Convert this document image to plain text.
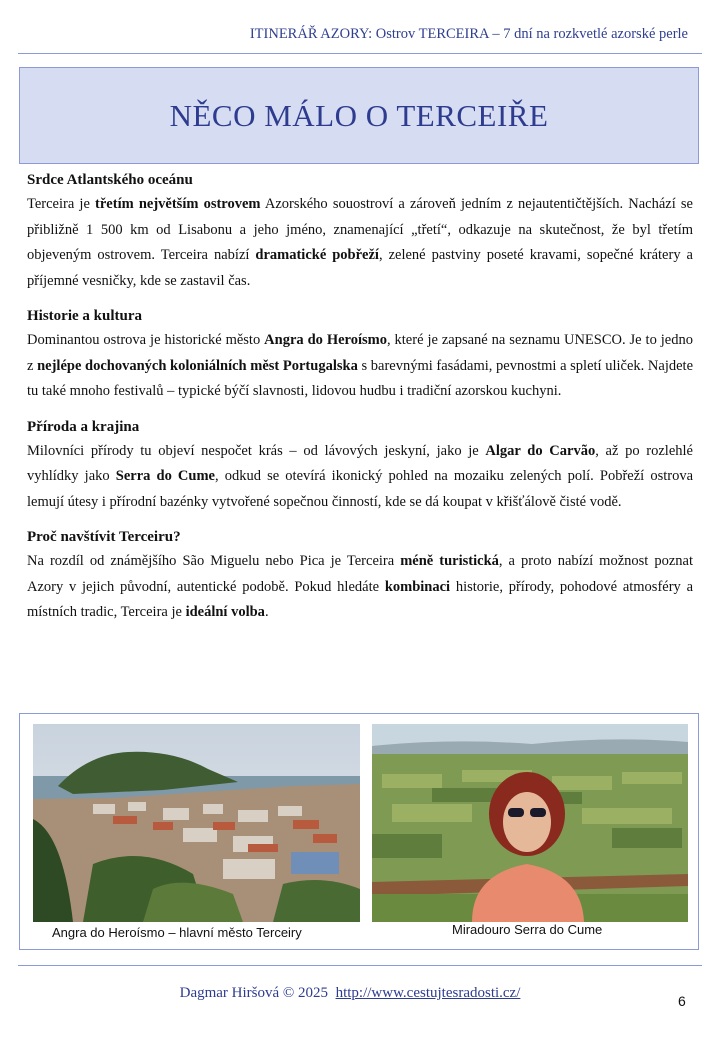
ITINERÁŘ AZORY: Ostrov TERCEIRA – 7 dní na rozkvetlé azorské perle
NĚCO MÁLO O TERCEIŘE
Srdce Atlantského oceánu

Terceira je třetím největším ostrovem Azorského souostroví a zároveň jedním z nejautentičtějších. Nachází se přibližně 1 500 km od Lisabonu a jeho jméno, znamenající „třetí“, odkazuje na skutečnost, že byl třetím objeveným ostrovem. Terceira nabízí dramatické pobřeží, zelené pastviny poseté kravami, sopečné krátery a příjemné vesničky, kde se zastavil čas.

Historie a kultura

Dominantou ostrova je historické město Angra do Heroísmo, které je zapsané na seznamu UNESCO. Je to jedno z nejlépe dochovaných koloniálních měst Portugalska s barevnými fasádami, pevnostmi a spletí uliček. Najdete tu také mnoho festivalů – typické býčí slavnosti, lidovou hudbu i tradiční azorskou kuchyni.

Příroda a krajina

Milovníci přírody tu objeví nespočet krás – od lávových jeskyní, jako je Algar do Carvão, až po rozlehlé vyhlídky jako Serra do Cume, odkud se otevírá ikonický pohled na mozaiku zelených polí. Pobřeží ostrova lemují útesy i přírodní bazénky vytvořené sopečnou činností, kde se dá koupat v křišťálově čisté vodě.

Proč navštívit Terceiru?

Na rozdíl od známějšího São Miguelu nebo Pica je Terceira méně turistická, a proto nabízí možnost poznat Azory v jejich původní, autentické podobě. Pokud hledáte kombinaci historie, přírody, pohodové atmosféry a místních tradic, Terceira je ideální volba.

Angra do Heroísmo – hlavní město Terceiry	Miradouro Serra do Cume
Dagmar Hiršová © 2025 http://www.cestujtesradosti.cz/	6
